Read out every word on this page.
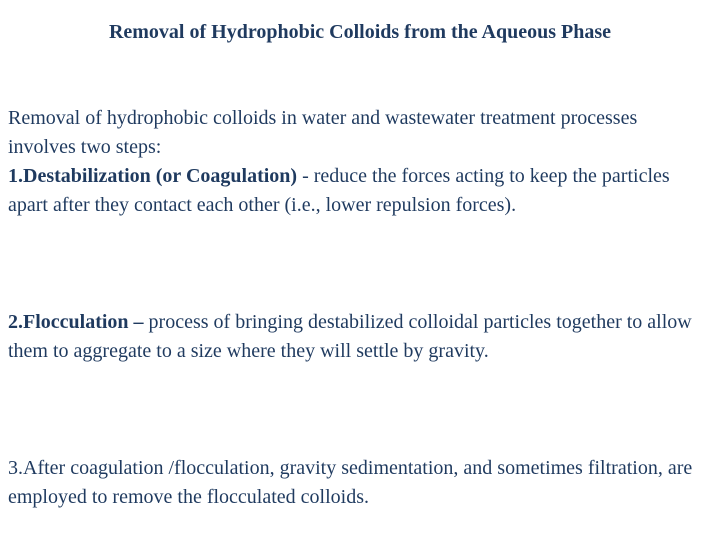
Removal of Hydrophobic Colloids from the Aqueous Phase

Removal of hydrophobic colloids in water and wastewater treatment processes involves two steps:
1.Destabilization (or Coagulation) - reduce the forces acting to keep the particles apart after they contact each other (i.e., lower repulsion forces).

2.Flocculation – process of bringing destabilized colloidal particles together to allow them to aggregate to a size where they will settle by gravity.

3.After coagulation /flocculation, gravity sedimentation, and sometimes filtration, are employed to remove the flocculated colloids.
